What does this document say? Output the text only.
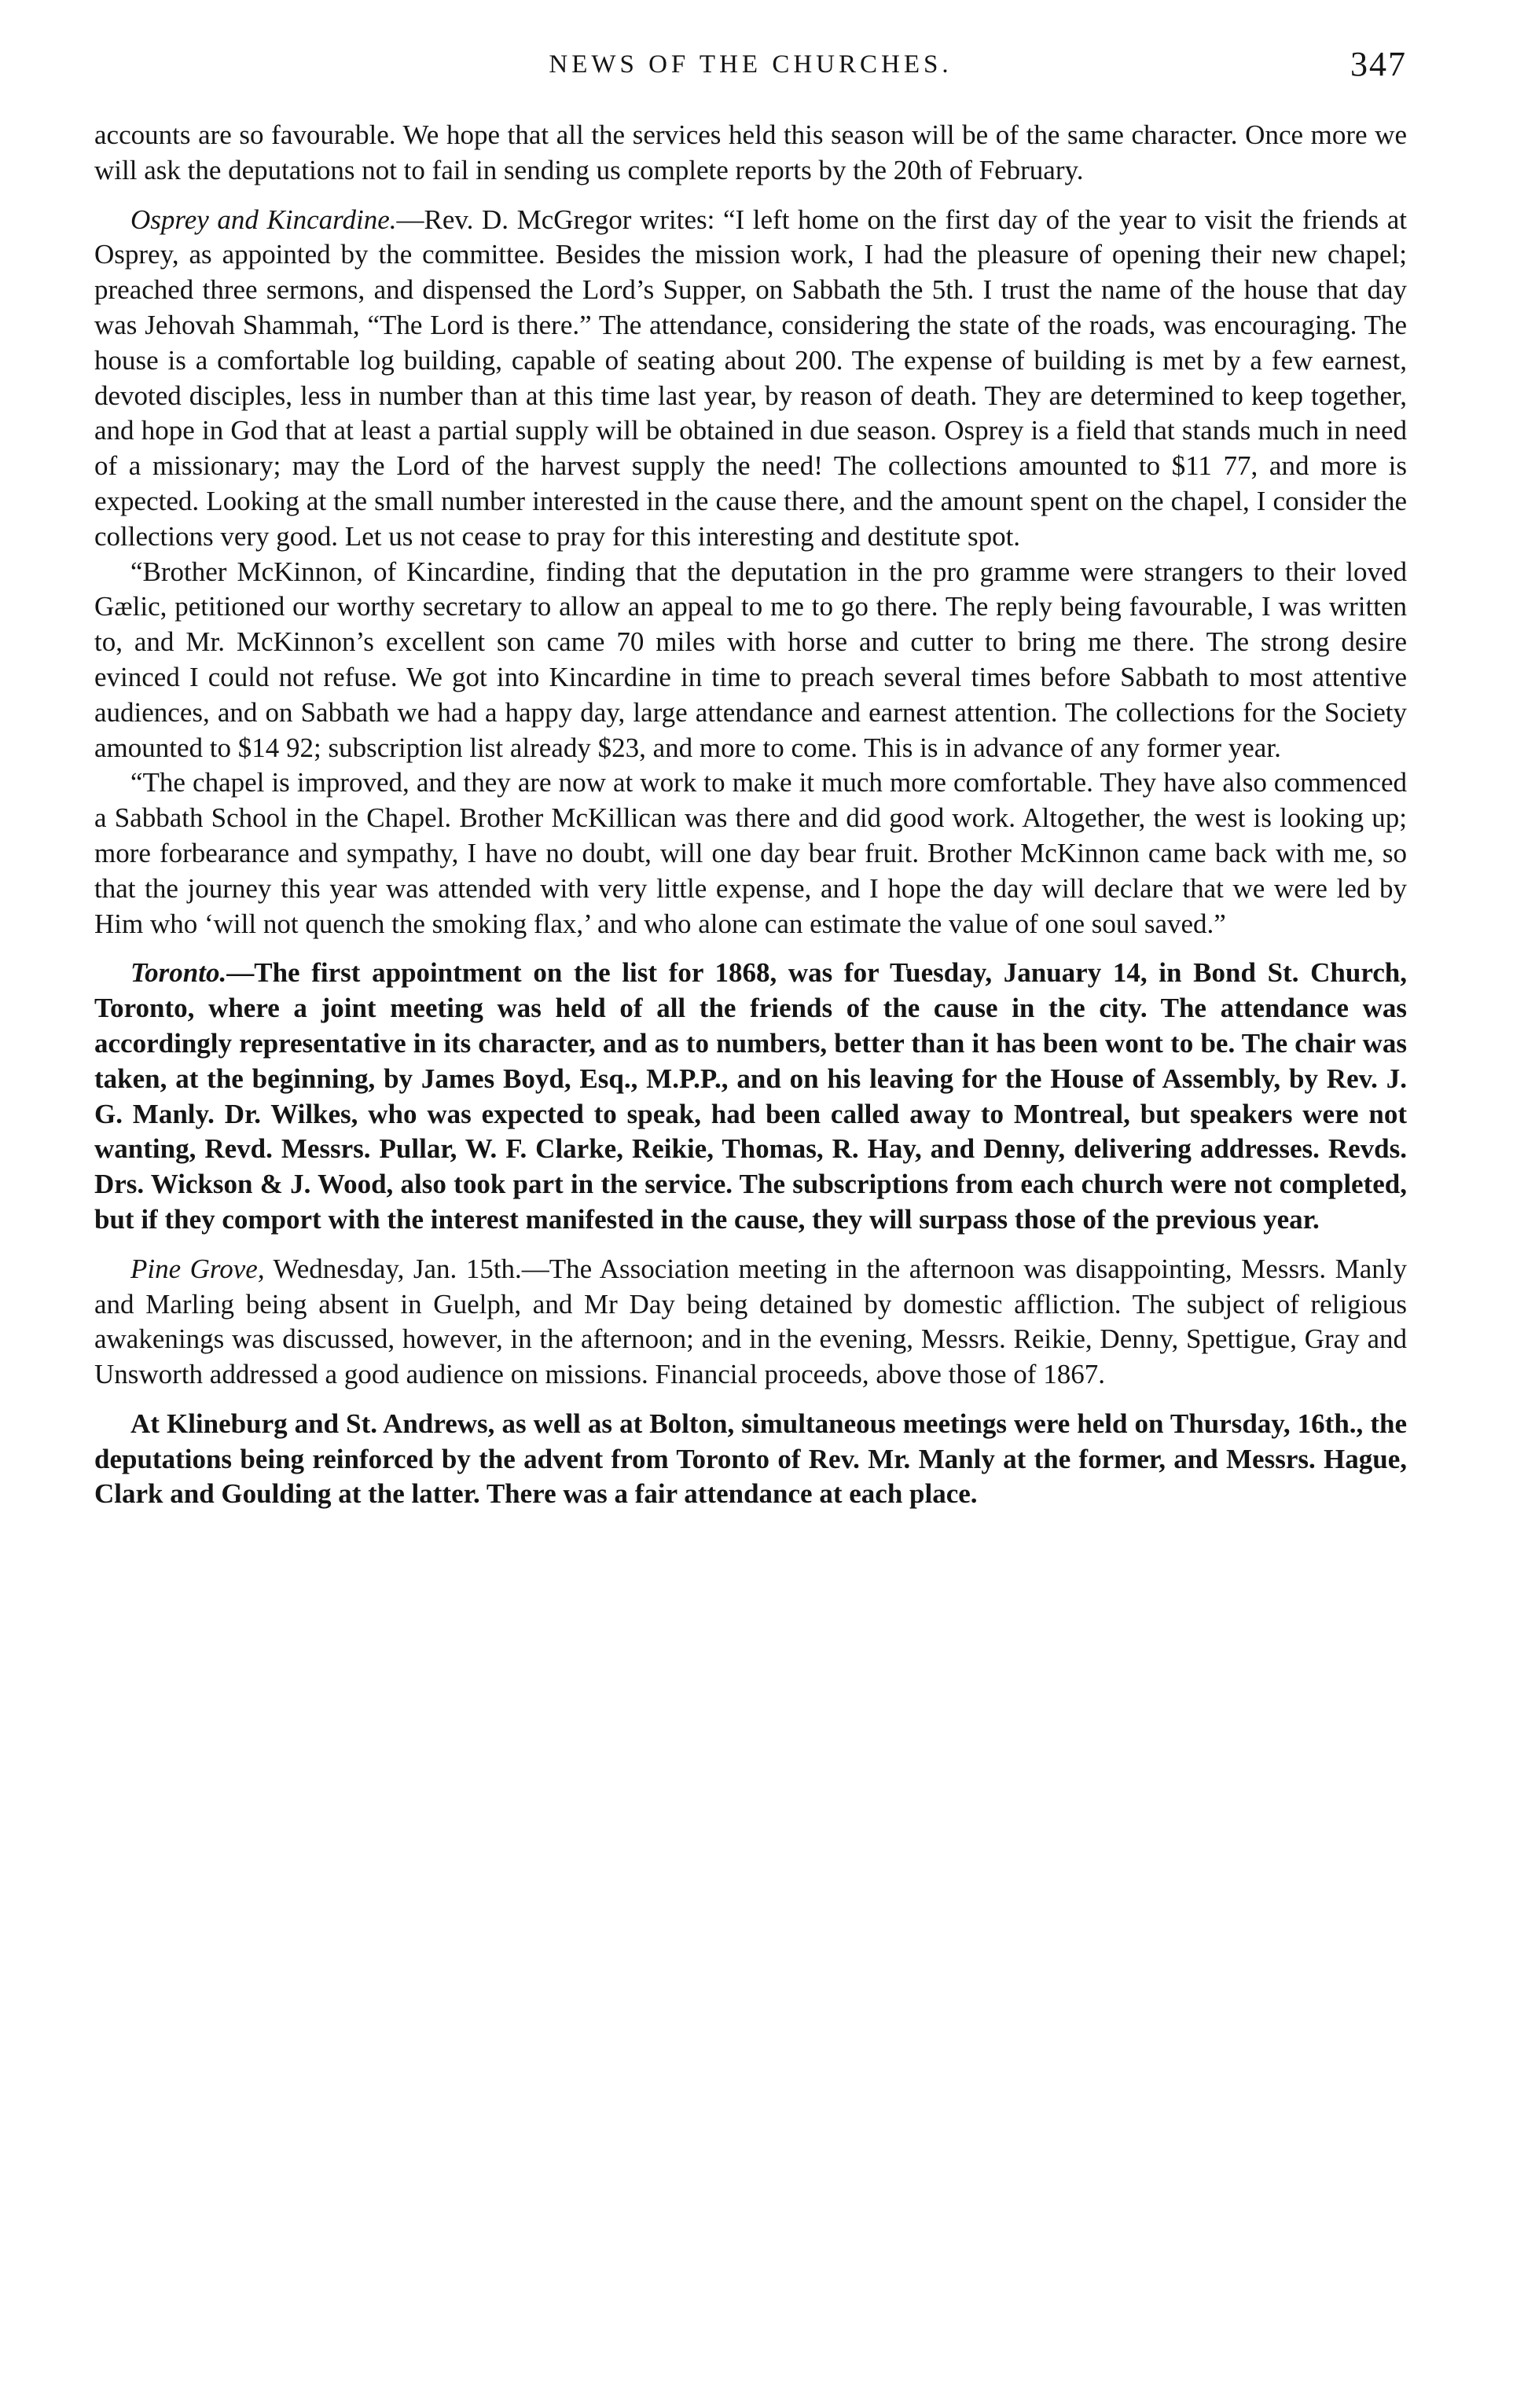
NEWS OF THE CHURCHES.	347

accounts are so favourable. We hope that all the services held this season will be of the same character. Once more we will ask the deputations not to fail in sending us complete reports by the 20th of February.

Osprey and Kincardine.—Rev. D. McGregor writes: “I left home on the first day of the year to visit the friends at Osprey, as appointed by the committee. Besides the mission work, I had the pleasure of opening their new chapel; preached three sermons, and dispensed the Lord’s Supper, on Sabbath the 5th. I trust the name of the house that day was Jehovah Shammah, “The Lord is there.” The attendance, considering the state of the roads, was encouraging. The house is a comfortable log building, capable of seating about 200. The expense of building is met by a few earnest, devoted disciples, less in number than at this time last year, by reason of death. They are determined to keep together, and hope in God that at least a partial supply will be obtained in due season. Osprey is a field that stands much in need of a missionary; may the Lord of the harvest supply the need! The collections amounted to $11 77, and more is expected. Looking at the small number interested in the cause there, and the amount spent on the chapel, I consider the collections very good. Let us not cease to pray for this interesting and destitute spot.

“Brother McKinnon, of Kincardine, finding that the deputation in the pro gramme were strangers to their loved Gælic, petitioned our worthy secretary to allow an appeal to me to go there. The reply being favourable, I was written to, and Mr. McKinnon’s excellent son came 70 miles with horse and cutter to bring me there. The strong desire evinced I could not refuse. We got into Kincardine in time to preach several times before Sabbath to most attentive audiences, and on Sabbath we had a happy day, large attendance and earnest attention. The collections for the Society amounted to $14 92; subscription list already $23, and more to come. This is in advance of any former year.

“The chapel is improved, and they are now at work to make it much more comfortable. They have also commenced a Sabbath School in the Chapel. Brother McKillican was there and did good work. Altogether, the west is looking up; more forbearance and sympathy, I have no doubt, will one day bear fruit. Brother McKinnon came back with me, so that the journey this year was attended with very little expense, and I hope the day will declare that we were led by Him who ‘will not quench the smoking flax,’ and who alone can estimate the value of one soul saved.”

Toronto.—The first appointment on the list for 1868, was for Tuesday, January 14, in Bond St. Church, Toronto, where a joint meeting was held of all the friends of the cause in the city. The attendance was accordingly representative in its character, and as to numbers, better than it has been wont to be. The chair was taken, at the beginning, by James Boyd, Esq., M.P.P., and on his leaving for the House of Assembly, by Rev. J. G. Manly. Dr. Wilkes, who was expected to speak, had been called away to Montreal, but speakers were not wanting, Revd. Messrs. Pullar, W. F. Clarke, Reikie, Thomas, R. Hay, and Denny, delivering addresses. Revds. Drs. Wickson & J. Wood, also took part in the service. The subscriptions from each church were not completed, but if they comport with the interest manifested in the cause, they will surpass those of the previous year.

Pine Grove, Wednesday, Jan. 15th.—The Association meeting in the afternoon was disappointing, Messrs. Manly and Marling being absent in Guelph, and Mr Day being detained by domestic affliction. The subject of religious awakenings was discussed, however, in the afternoon; and in the evening, Messrs. Reikie, Denny, Spettigue, Gray and Unsworth addressed a good audience on missions. Financial proceeds, above those of 1867.

At Klineburg and St. Andrews, as well as at Bolton, simultaneous meetings were held on Thursday, 16th., the deputations being reinforced by the advent from Toronto of Rev. Mr. Manly at the former, and Messrs. Hague, Clark and Goulding at the latter. There was a fair attendance at each place.
